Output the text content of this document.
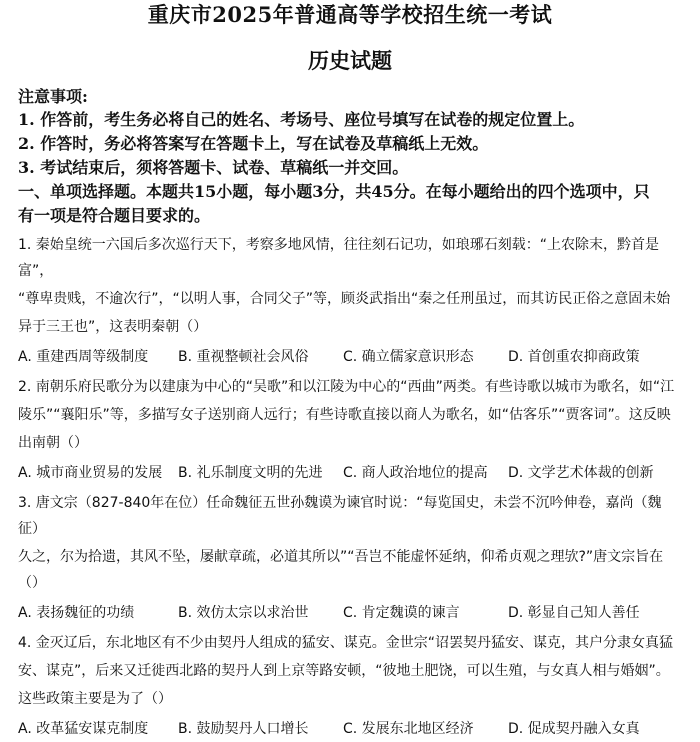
重庆市2025年普通高等学校招生统一考试
历史试题
注意事项:
1. 作答前，考生务必将自己的姓名、考场号、座位号填写在试卷的规定位置上。
2. 作答时，务必将答案写在答题卡上，写在试卷及草稿纸上无效。
3. 考试结束后，须将答题卡、试卷、草稿纸一并交回。
一、单项选择题。本题共15小题，每小题3分，共45分。在每小题给出的四个选项中，只
有一项是符合题目要求的。
1. 秦始皇统一六国后多次巡行天下，考察多地风情，往往刻石记功，如琅琊石刻载：“上农除末，黔首是富”，
“尊卑贵贱，不逾次行”，“以明人事，合同父子”等，顾炎武指出“秦之任刑虽过，而其访民正俗之意固未始
异于三王也”，这表明秦朝（）
A. 重建西周等级制度	B. 重视整顿社会风俗	C. 确立儒家意识形态	D. 首创重农抑商政策
2. 南朝乐府民歌分为以建康为中心的“吴歌”和以江陵为中心的“西曲”两类。有些诗歌以城市为歌名，如“江
陵乐”“襄阳乐”等，多描写女子送别商人远行；有些诗歌直接以商人为歌名，如“估客乐”“贾客词”。这反映
出南朝（）
A. 城市商业贸易的发展	B. 礼乐制度文明的先进	C. 商人政治地位的提高	D. 文学艺术体裁的创新
3. 唐文宗（827-840年在位）任命魏征五世孙魏谟为谏官时说：“每览国史，未尝不沉吟伸卷，嘉尚（魏征）
久之，尔为拾遗，其风不坠，屡献章疏，必道其所以”“吾岂不能虚怀延纳，仰希贞观之理欤?”唐文宗旨在（）
A. 表扬魏征的功绩	B. 效仿太宗以求治世	C. 肯定魏谟的谏言	D. 彰显自己知人善任
4. 金灭辽后，东北地区有不少由契丹人组成的猛安、谋克。金世宗“诏罢契丹猛安、谋克，其户分隶女真猛
安、谋克”，后来又迁徙西北路的契丹人到上京等路安顿，“彼地土肥饶，可以生殖，与女真人相与婚姻”。
这些政策主要是为了（）
A. 改革猛安谋克制度	B. 鼓励契丹人口增长	C. 发展东北地区经济	D. 促成契丹融入女真
